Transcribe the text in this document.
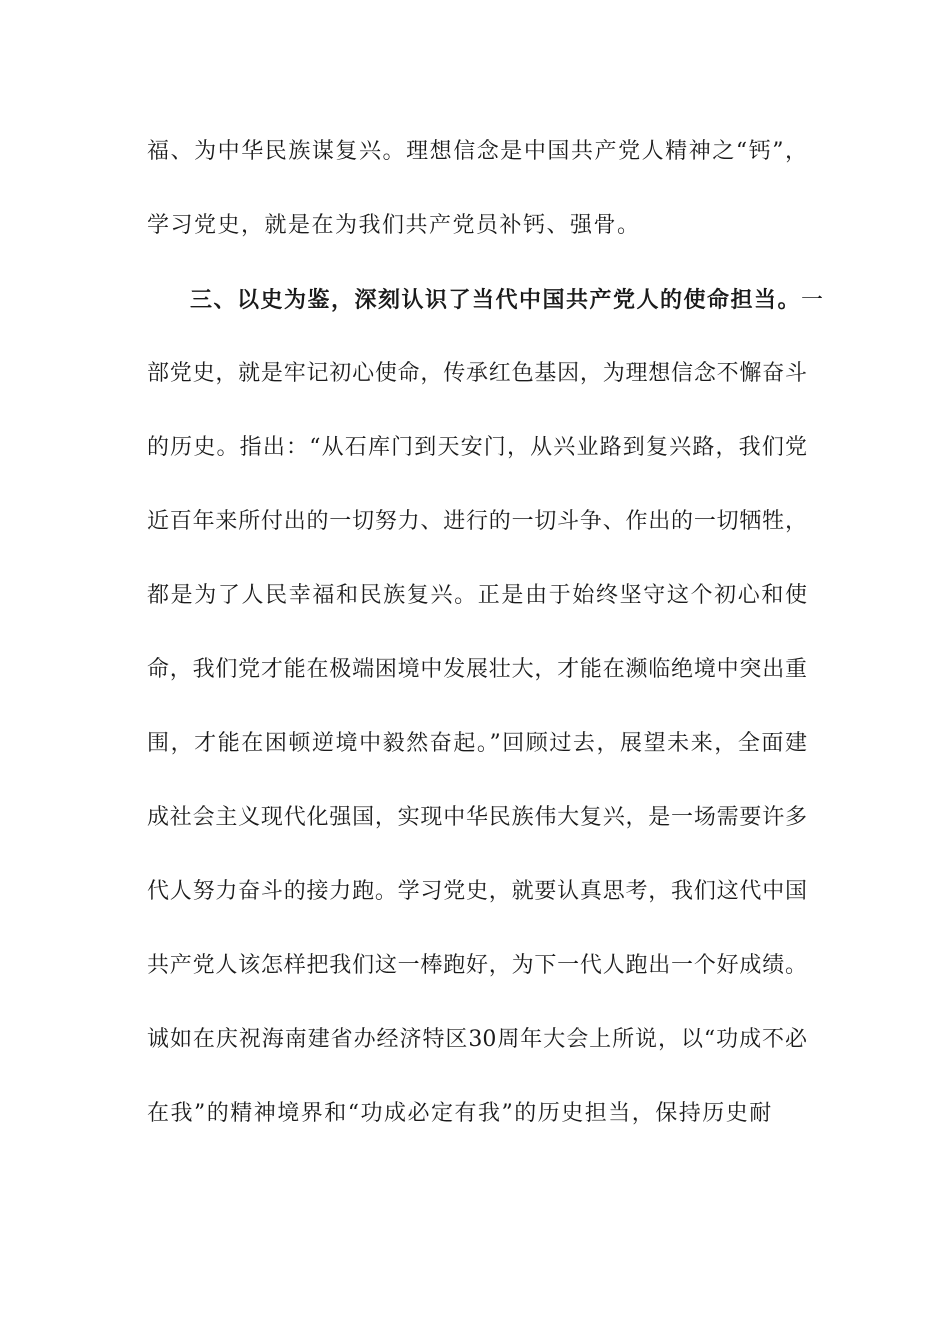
福、为中华民族谋复兴。理想信念是中国共产党人精神之“钙”，
学习党史，就是在为我们共产党员补钙、强骨。
三、以史为鉴，深刻认识了当代中国共产党人的使命担当。一
部党史，就是牢记初心使命，传承红色基因，为理想信念不懈奋斗
的历史。指出：“从石库门到天安门，从兴业路到复兴路，我们党
近百年来所付出的一切努力、进行的一切斗争、作出的一切牺牲，
都是为了人民幸福和民族复兴。正是由于始终坚守这个初心和使
命，我们党才能在极端困境中发展壮大，才能在濒临绝境中突出重
围，才能在困顿逆境中毅然奋起。”回顾过去，展望未来，全面建
成社会主义现代化强国，实现中华民族伟大复兴，是一场需要许多
代人努力奋斗的接力跑。学习党史，就要认真思考，我们这代中国
共产党人该怎样把我们这一棒跑好，为下一代人跑出一个好成绩。
诚如在庆祝海南建省办经济特区30周年大会上所说，以“功成不必
在我”的精神境界和“功成必定有我”的历史担当，保持历史耐
